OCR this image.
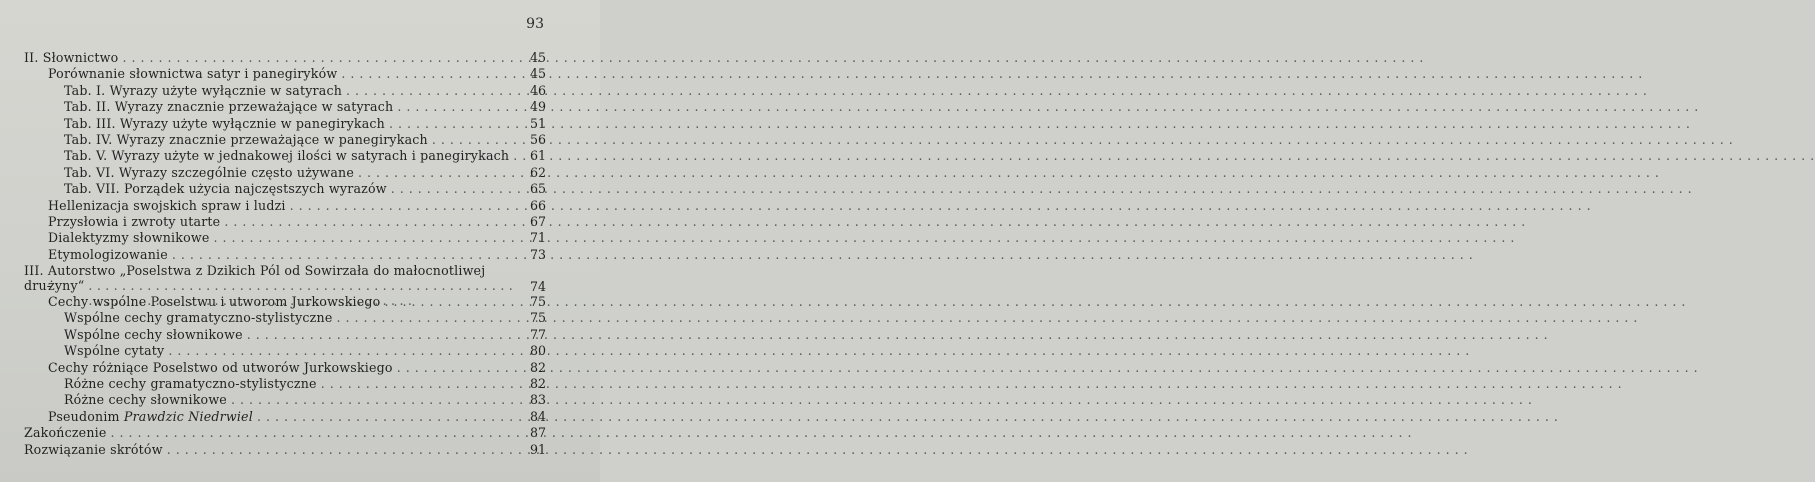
93
II. Słownictwo . . .	45
Porównanie słownictwa satyr i panegiryków . . .	45
Tab. I. Wyrazy użyte wyłącznie w satyrach . . .	46
Tab. II. Wyrazy znacznie przeważające w satyrach . . .	49
Tab. III. Wyrazy użyte wyłącznie w panegirykach . . .	51
Tab. IV. Wyrazy znacznie przeważające w panegirykach . . .	56
Tab. V. Wyrazy użyte w jednakowej ilości w satyrach i panegirykach . . .	61
Tab. VI. Wyrazy szczególnie często używane . . .	62
Tab. VII. Porządek użycia najczęstszych wyrazów . . .	65
Hellenizacja swojskich spraw i ludzi . . .	66
Przysłowia i zwroty utarte . . .	67
Dialektyzmy słownikowe . . .	71
Etymologizowanie . . .	73
III. Autorstwo „Poselstwa z Dzikich Pól od Sowirzała do małocnotliwej dru-
żyny“ . . .	74
Cechy wspólne Poselstwu i utworom Jurkowskiego . . .	75
Wspólne cechy gramatyczno-stylistyczne . . .	75
Wspólne cechy słownikowe . . .	77
Wspólne cytaty . . .	80
Cechy różniące Poselstwo od utworów Jurkowskiego . . .	82
Różne cechy gramatyczno-stylistyczne . . .	82
Różne cechy słownikowe . . .	83
Pseudonim Prawdzic Niedrwiel . . .	84
Zakończenie . . .	87
Rozwiązanie skrótów . . .	91
